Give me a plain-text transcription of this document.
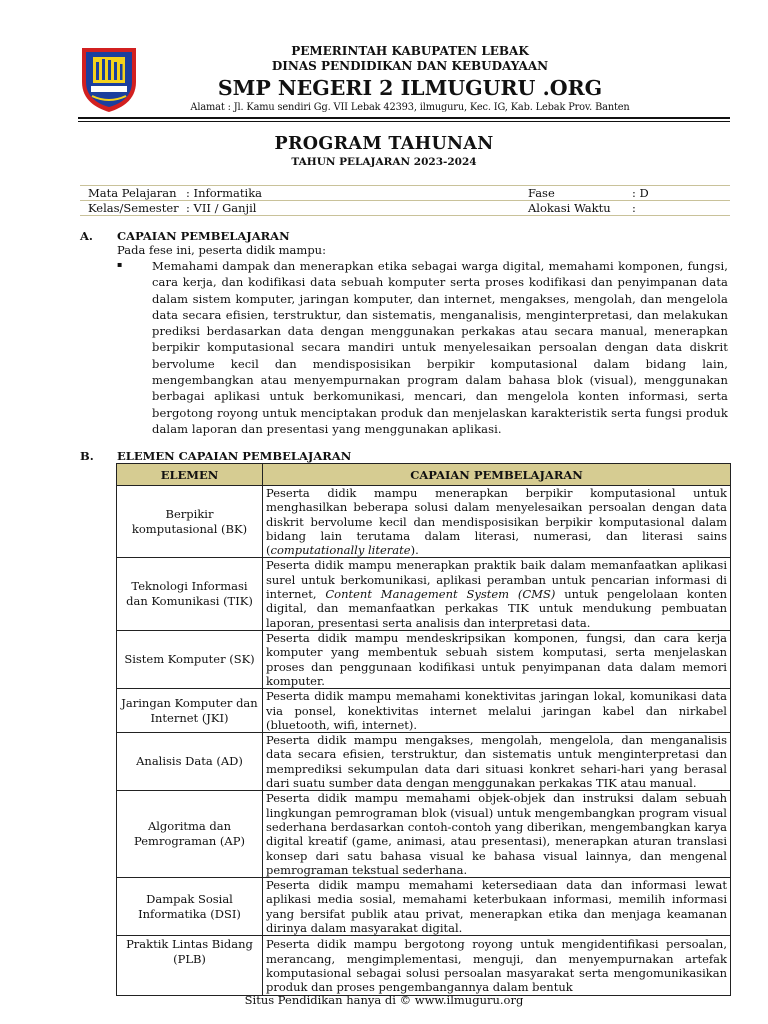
PEMERINTAH KABUPATEN LEBAK
DINAS PENDIDIKAN DAN KEBUDAYAAN
SMP NEGERI 2 ILMUGURU .ORG
Alamat : Jl. Kamu sendiri Gg. VII Lebak 42393, ilmuguru, Kec. IG, Kab. Lebak Prov. Banten
PROGRAM TAHUNAN
TAHUN PELAJARAN 2023-2024
Mata Pelajaran : Informatika	Fase	: D
Kelas/Semester : VII / Ganjil	Alokasi Waktu :
A. CAPAIAN PEMBELAJARAN
Pada fese ini, peserta didik mampu:
▪	Memahami dampak dan menerapkan etika sebagai warga digital, memahami komponen, fungsi, cara kerja, dan kodifikasi data sebuah komputer serta proses kodifikasi dan penyimpanan data dalam sistem komputer, jaringan komputer, dan internet, mengakses, mengolah, dan mengelola data secara efisien, terstruktur, dan sistematis, menganalisis, menginterpretasi, dan melakukan prediksi berdasarkan data dengan menggunakan perkakas atau secara manual, menerapkan berpikir komputasional secara mandiri untuk menyelesaikan persoalan dengan data diskrit bervolume kecil dan mendisposisikan berpikir komputasional dalam bidang lain, mengembangkan atau menyempurnakan program dalam bahasa blok (visual), menggunakan berbagai aplikasi untuk berkomunikasi, mencari, dan mengelola konten informasi, serta bergotong royong untuk menciptakan produk dan menjelaskan karakteristik serta fungsi produk dalam laporan dan presentasi yang menggunakan aplikasi.
B. ELEMEN CAPAIAN PEMBELAJARAN
ELEMEN	CAPAIAN PEMBELAJARAN
Berpikir komputasional (BK)	Peserta didik mampu menerapkan berpikir komputasional untuk menghasilkan beberapa solusi dalam menyelesaikan persoalan dengan data diskrit bervolume kecil dan mendisposisikan berpikir komputasional dalam bidang lain terutama dalam literasi, numerasi, dan literasi sains (computationally literate).
Teknologi Informasi dan Komunikasi (TIK)	Peserta didik mampu menerapkan praktik baik dalam memanfaatkan aplikasi surel untuk berkomunikasi, aplikasi peramban untuk pencarian informasi di internet, Content Management System (CMS) untuk pengelolaan konten digital, dan memanfaatkan perkakas TIK untuk mendukung pembuatan laporan, presentasi serta analisis dan interpretasi data.
Sistem Komputer (SK)	Peserta didik mampu mendeskripsikan komponen, fungsi, dan cara kerja komputer yang membentuk sebuah sistem komputasi, serta menjelaskan proses dan penggunaan kodifikasi untuk penyimpanan data dalam memori komputer.
Jaringan Komputer dan Internet (JKI)	Peserta didik mampu memahami konektivitas jaringan lokal, komunikasi data via ponsel, konektivitas internet melalui jaringan kabel dan nirkabel (bluetooth, wifi, internet).
Analisis Data (AD)	Peserta didik mampu mengakses, mengolah, mengelola, dan menganalisis data secara efisien, terstruktur, dan sistematis untuk menginterpretasi dan memprediksi sekumpulan data dari situasi konkret sehari-hari yang berasal dari suatu sumber data dengan menggunakan perkakas TIK atau manual.
Algoritma dan Pemrograman (AP)	Peserta didik mampu memahami objek-objek dan instruksi dalam sebuah lingkungan pemrograman blok (visual) untuk mengembangkan program visual sederhana berdasarkan contoh-contoh yang diberikan, mengembangkan karya digital kreatif (game, animasi, atau presentasi), menerapkan aturan translasi konsep dari satu bahasa visual ke bahasa visual lainnya, dan mengenal pemrograman tekstual sederhana.
Dampak Sosial Informatika (DSI)	Peserta didik mampu memahami ketersediaan data dan informasi lewat aplikasi media sosial, memahami keterbukaan informasi, memilih informasi yang bersifat publik atau privat, menerapkan etika dan menjaga keamanan dirinya dalam masyarakat digital.
Praktik Lintas Bidang (PLB)	Peserta didik mampu bergotong royong untuk mengidentifikasi persoalan, merancang, mengimplementasi, menguji, dan menyempurnakan artefak komputasional sebagai solusi persoalan masyarakat serta mengomunikasikan produk dan proses pengembangannya dalam bentuk
Situs Pendidikan hanya di © www.ilmuguru.org
